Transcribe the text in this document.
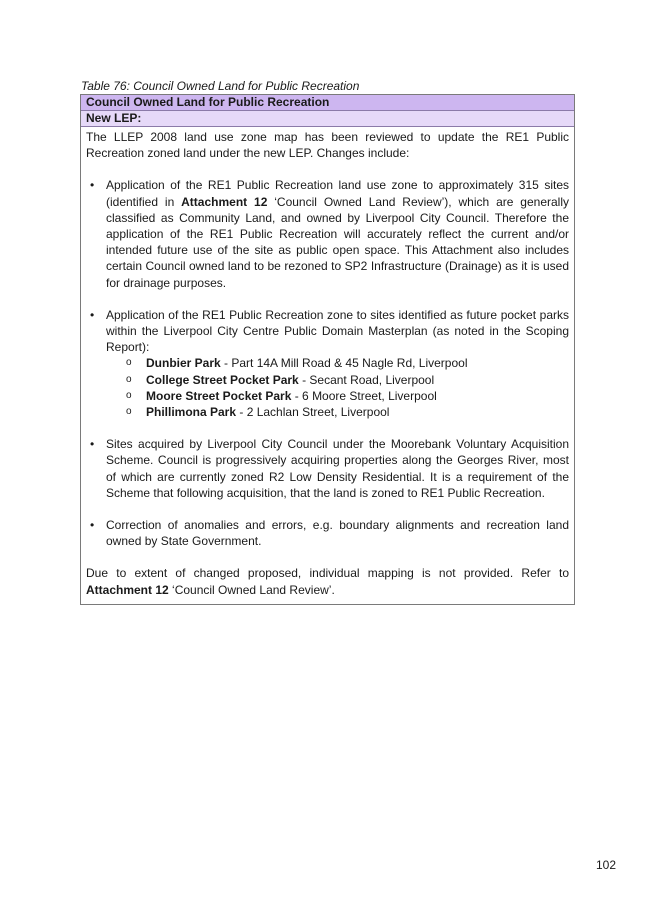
Table 76: Council Owned Land for Public Recreation
Council Owned Land for Public Recreation
New LEP:

The LLEP 2008 land use zone map has been reviewed to update the RE1 Public Recreation zoned land under the new LEP. Changes include:

• Application of the RE1 Public Recreation land use zone to approximately 315 sites (identified in Attachment 12 ‘Council Owned Land Review’), which are generally classified as Community Land, and owned by Liverpool City Council. Therefore the application of the RE1 Public Recreation will accurately reflect the current and/or intended future use of the site as public open space. This Attachment also includes certain Council owned land to be rezoned to SP2 Infrastructure (Drainage) as it is used for drainage purposes.
• Application of the RE1 Public Recreation zone to sites identified as future pocket parks within the Liverpool City Centre Public Domain Masterplan (as noted in the Scoping Report):
o Dunbier Park - Part 14A Mill Road & 45 Nagle Rd, Liverpool
o College Street Pocket Park - Secant Road, Liverpool
o Moore Street Pocket Park - 6 Moore Street, Liverpool
o Phillimona Park - 2 Lachlan Street, Liverpool
• Sites acquired by Liverpool City Council under the Moorebank Voluntary Acquisition Scheme. Council is progressively acquiring properties along the Georges River, most of which are currently zoned R2 Low Density Residential. It is a requirement of the Scheme that following acquisition, that the land is zoned to RE1 Public Recreation.
• Correction of anomalies and errors, e.g. boundary alignments and recreation land owned by State Government.

Due to extent of changed proposed, individual mapping is not provided. Refer to Attachment 12 ‘Council Owned Land Review’.

102
